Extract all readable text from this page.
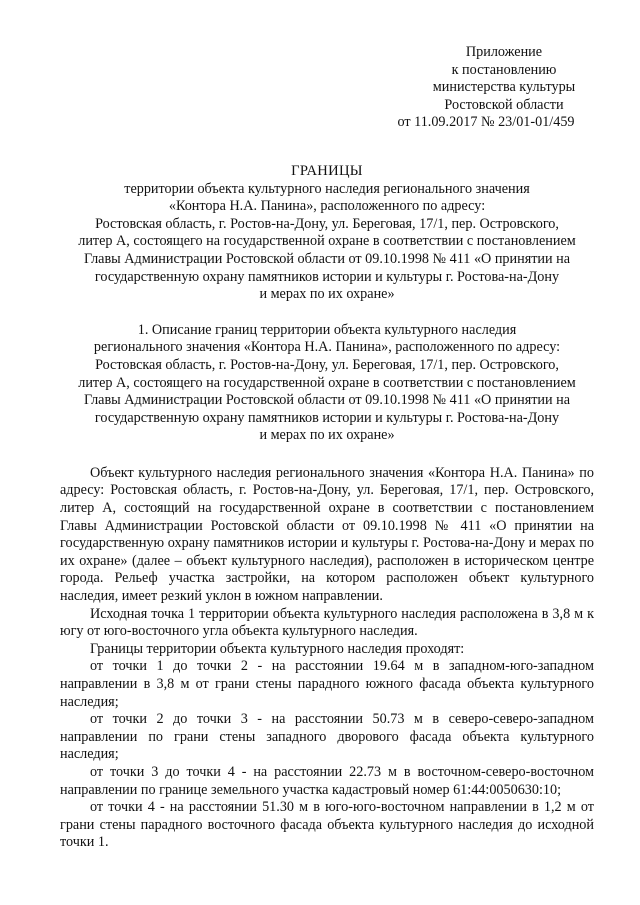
Приложение
к постановлению
министерства культуры
Ростовской области
от 11.09.2017 № 23/01-01/459
ГРАНИЦЫ
территории объекта культурного наследия регионального значения
«Контора Н.А. Панина», расположенного по адресу:
Ростовская область, г. Ростов-на-Дону, ул. Береговая, 17/1, пер. Островского,
литер А, состоящего на государственной охране в соответствии с постановлением
Главы Администрации Ростовской области от 09.10.1998 № 411 «О принятии на
государственную охрану памятников истории и культуры г. Ростова-на-Дону
и мерах по их охране»
1. Описание границ территории объекта культурного наследия
регионального значения «Контора Н.А. Панина», расположенного по адресу:
Ростовская область, г. Ростов-на-Дону, ул. Береговая, 17/1, пер. Островского,
литер А, состоящего на государственной охране в соответствии с постановлением
Главы Администрации Ростовской области от 09.10.1998 № 411 «О принятии на
государственную охрану памятников истории и культуры г. Ростова-на-Дону
и мерах по их охране»

Объект культурного наследия регионального значения «Контора Н.А. Панина» по адресу: Ростовская область, г. Ростов-на-Дону, ул. Береговая, 17/1, пер. Островского, литер А, состоящий на государственной охране в соответствии с постановлением Главы Администрации Ростовской области от 09.10.1998 № 411 «О принятии на государственную охрану памятников истории и культуры г. Ростова-на-Дону и мерах по их охране» (далее – объект культурного наследия), расположен в историческом центре города. Рельеф участка застройки, на котором расположен объект культурного наследия, имеет резкий уклон в южном направлении.

Исходная точка 1 территории объекта культурного наследия расположена в 3,8 м к югу от юго-восточного угла объекта культурного наследия.

Границы территории объекта культурного наследия проходят:

от точки 1 до точки 2 - на расстоянии 19.64 м в западном-юго-западном направлении в 3,8 м от грани стены парадного южного фасада объекта культурного наследия;

от точки 2 до точки 3 - на расстоянии 50.73 м в северо-северо-западном направлении по грани стены западного дворового фасада объекта культурного наследия;

от точки 3 до точки 4 - на расстоянии 22.73 м в восточном-северо-восточном направлении по границе земельного участка кадастровый номер 61:44:0050630:10;

от точки 4 - на расстоянии 51.30 м в юго-юго-восточном направлении в 1,2 м от грани стены парадного восточного фасада объекта культурного наследия до исходной точки 1.
